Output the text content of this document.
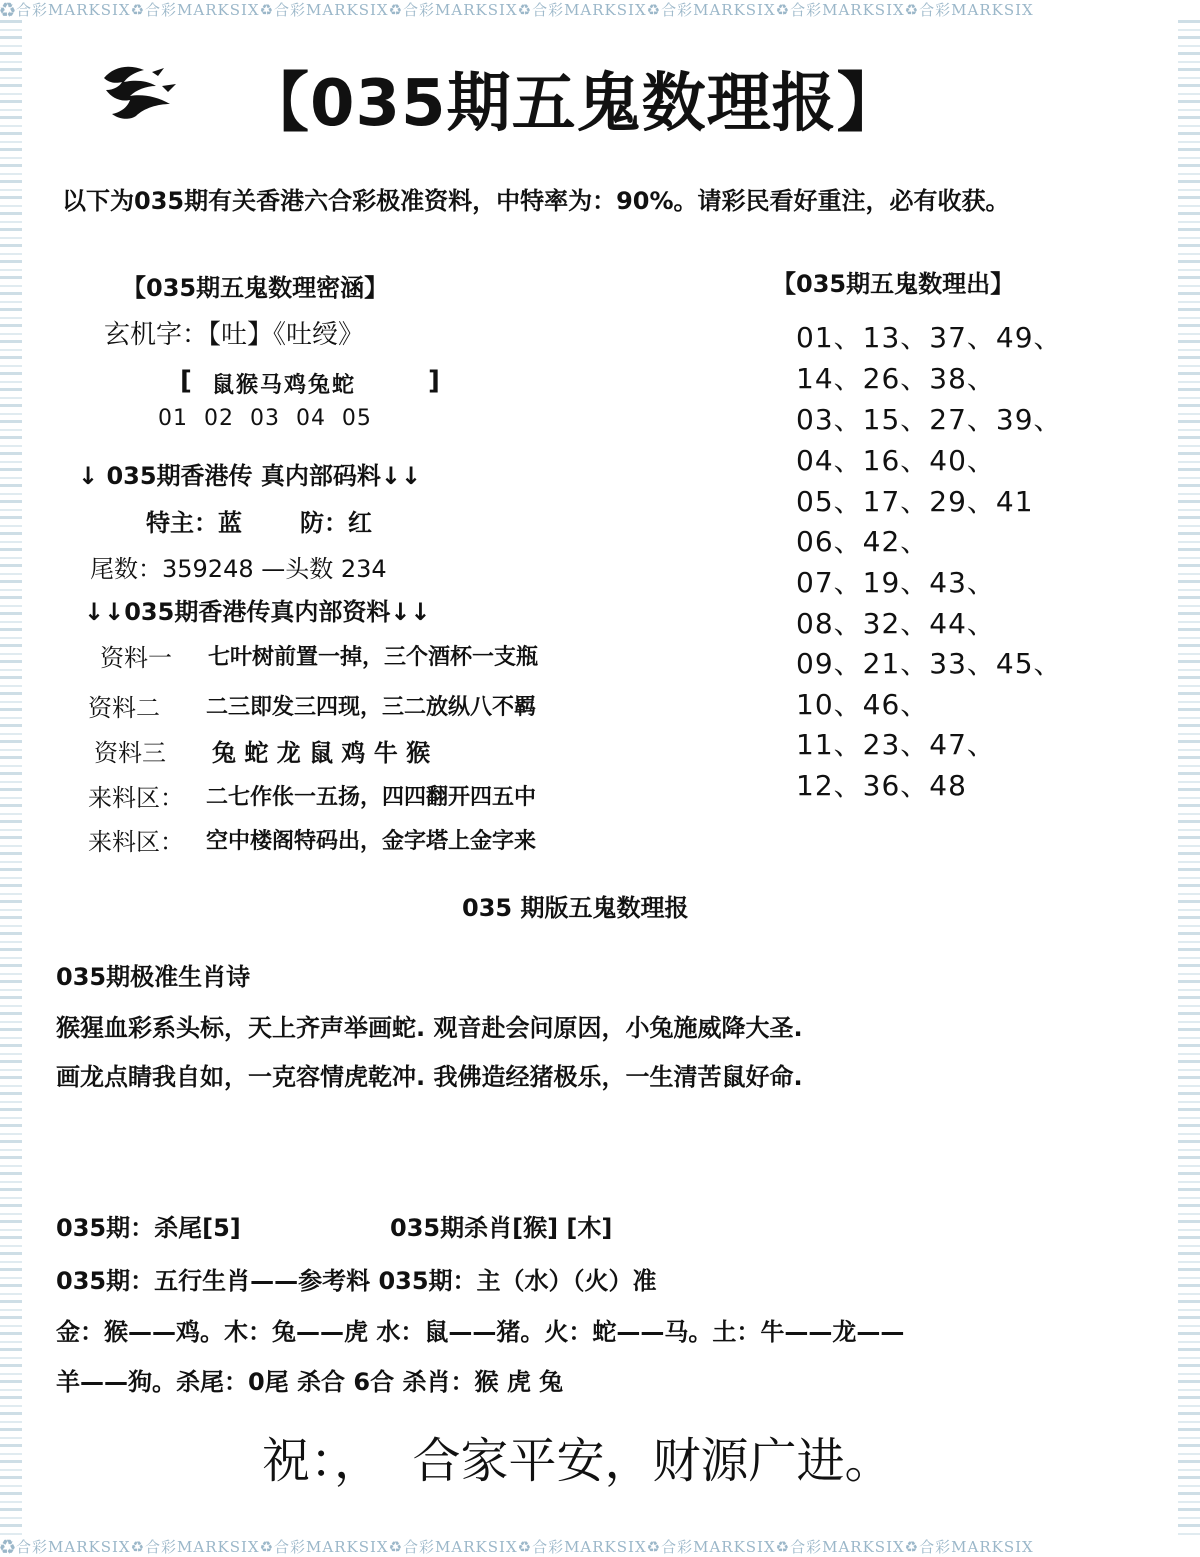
♻合彩MARKSIX♻合彩MARKSIX♻合彩MARKSIX♻合彩MARKSIX♻合彩MARKSIX♻合彩MARKSIX♻合彩MARKSIX♻合彩MARKSIX
♻合彩MARKSIX♻合彩MARKSIX♻合彩MARKSIX♻合彩MARKSIX♻合彩MARKSIX♻合彩MARKSIX♻合彩MARKSIX♻合彩MARKSIX
【035期五鬼数理报】
以下为035期有关香港六合彩极准资料，中特率为：90%。请彩民看好重注，必有收获。
【035期五鬼数理密涵】
玄机字：【吐】《吐绶》
[ 鼠猴马鸡兔蛇	]
01  02  03  04  05
↓ 035期香港传 真内部码料↓↓
特主：蓝 防：红
尾数：359248 —头数 234
↓↓035期香港传真内部资料↓↓
资料一 七叶树前置一掉，三个酒杯一支瓶
资料二 二三即发三四现，三二放纵八不羁
资料三 兔 蛇 龙 鼠 鸡 牛 猴
来料区： 二七作伥一五扬，四四翻开四五中
来料区： 空中楼阁特码出，金字塔上金字来
【035期五鬼数理出】
01、13、37、49、
14、26、38、
03、15、27、39、
04、16、40、
05、17、29、41
06、42、
07、19、43、
08、32、44、
09、21、33、45、
10、46、
11、23、47、
12、36、48
035 期版五鬼数理报
035期极准生肖诗
猴猩血彩系头标，天上齐声举画蛇. 观音赴会问原因，小兔施威降大圣.
画龙点睛我自如，一克容情虎乾冲. 我佛造经猪极乐，一生清苦鼠好命.
035期：杀尾[5]	035期杀肖[猴] [木]
035期：五行生肖——参考料 035期：主（水）（火）准
金：猴——鸡。木：兔——虎 水：鼠——猪。火：蛇——马。土：牛——龙——
羊——狗。杀尾：0尾 杀合 6合 杀肖：猴 虎 兔
祝：，  合家平安，财源广进。
